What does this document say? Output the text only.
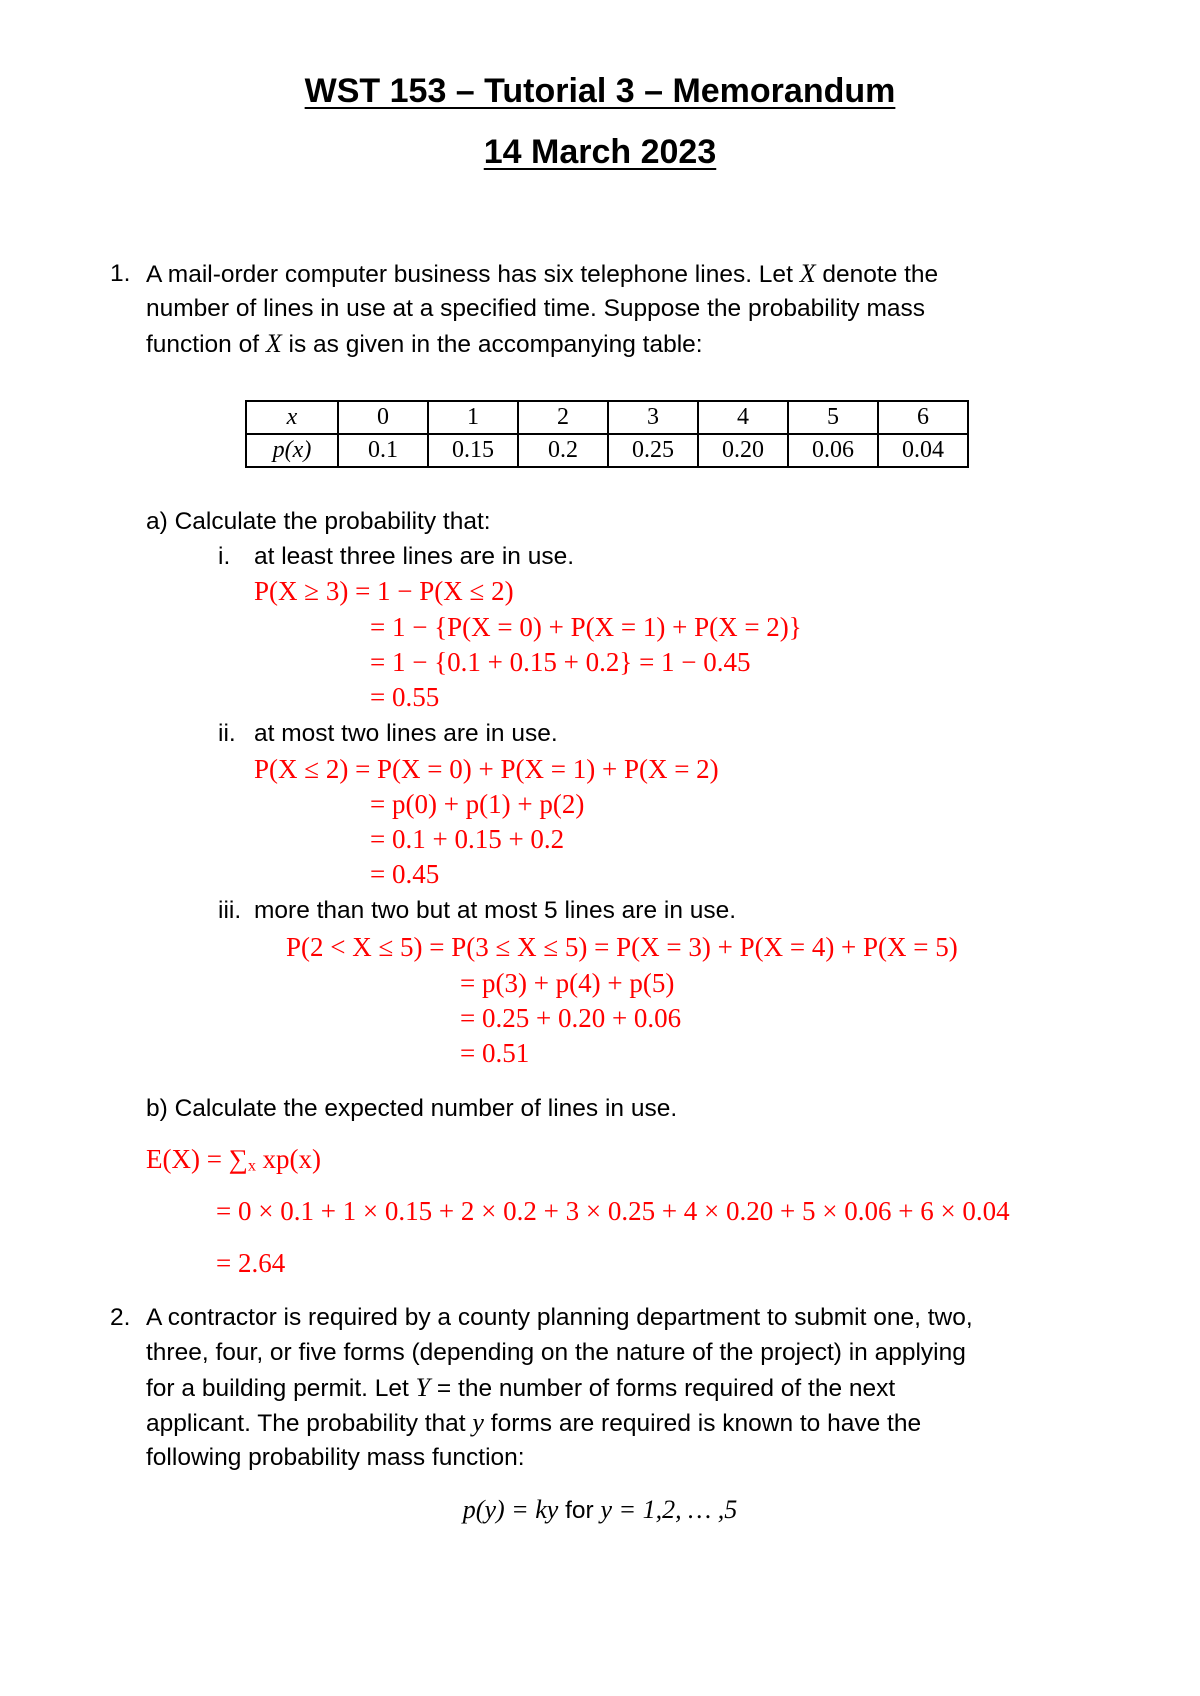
WST 153 – Tutorial 3 – Memorandum
14 March 2023
1. A mail-order computer business has six telephone lines. Let X denote the
number of lines in use at a specified time. Suppose the probability mass
function of X is as given in the accompanying table:
x	0	1	2	3	4	5	6
p(x)	0.1	0.15	0.2	0.25	0.20	0.06	0.04
a) Calculate the probability that:
i. at least three lines are in use.
P(X ≥ 3) = 1 − P(X ≤ 2)
= 1 − {P(X = 0) + P(X = 1) + P(X = 2)}
= 1 − {0.1 + 0.15 + 0.2} = 1 − 0.45
= 0.55
ii. at most two lines are in use.
P(X ≤ 2) = P(X = 0) + P(X = 1) + P(X = 2)
= p(0) + p(1) + p(2)
= 0.1 + 0.15 + 0.2
= 0.45
iii. more than two but at most 5 lines are in use.
P(2 < X ≤ 5) = P(3 ≤ X ≤ 5) = P(X = 3) + P(X = 4) + P(X = 5)
= p(3) + p(4) + p(5)
= 0.25 + 0.20 + 0.06
= 0.51
b) Calculate the expected number of lines in use.
E(X) = ∑ₓ xp(x)
= 0 × 0.1 + 1 × 0.15 + 2 × 0.2 + 3 × 0.25 + 4 × 0.20 + 5 × 0.06 + 6 × 0.04
= 2.64
2. A contractor is required by a county planning department to submit one, two,
three, four, or five forms (depending on the nature of the project) in applying
for a building permit. Let Y = the number of forms required of the next
applicant. The probability that y forms are required is known to have the
following probability mass function:
p(y) = ky for y = 1,2, … ,5
